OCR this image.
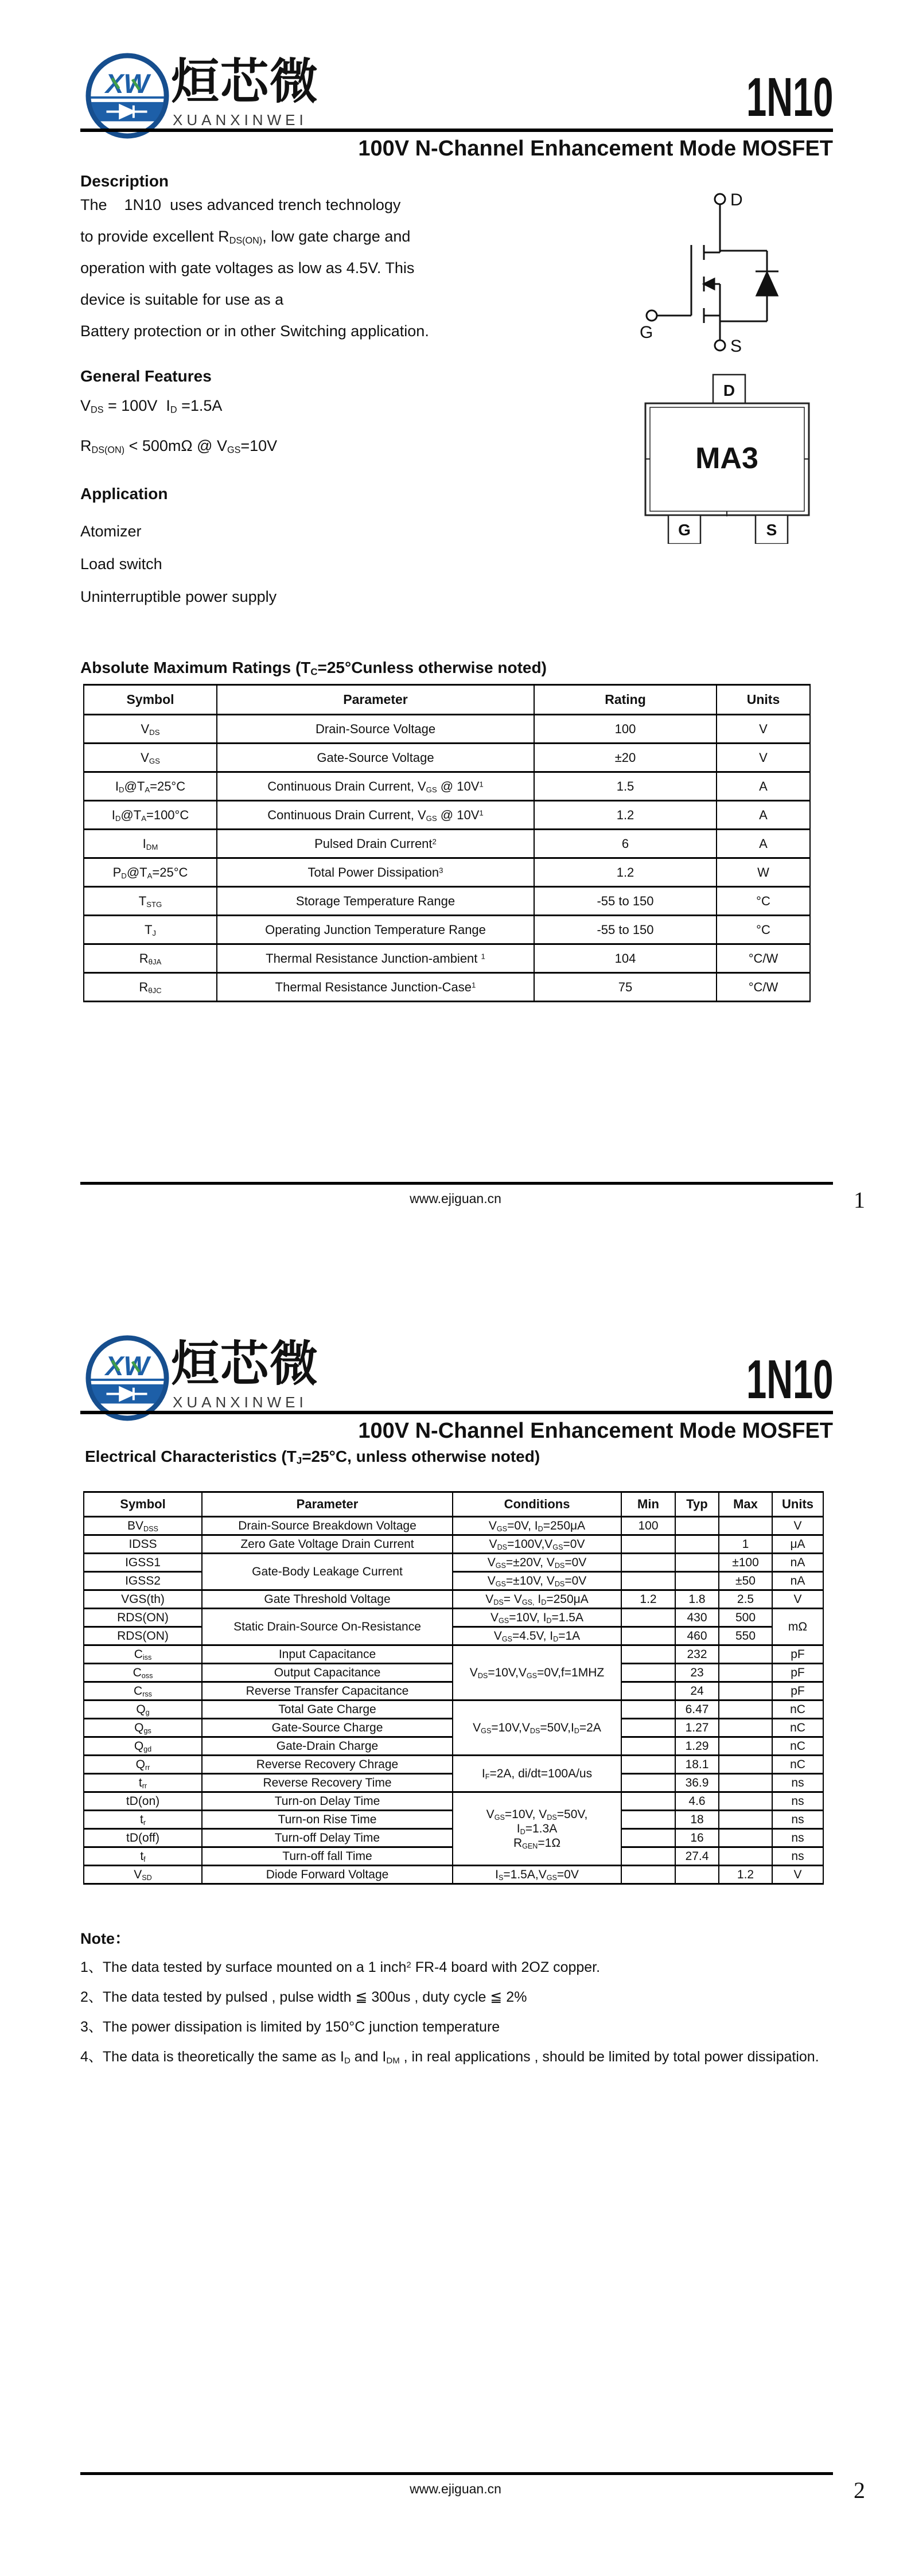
XW 烜芯微
XUANXINWEI	1N10
100V N-Channel Enhancement Mode MOSFET
Description
The    1N10  uses advanced trench technology
to provide excellent $R_{DS(ON)}$, low gate charge and
operation with gate voltages as low as 4.5V. This
device is suitable for use as a
Battery protection or in other Switching application.
D
G
S
General Features
$V_{DS} = 100V$  $I_D =1.5A$
$R_{DS(ON)} < 500m\Omega$ @ $V_{GS}=10V$
Application
Atomizer
Load switch
Uninterruptible power supply
MA3
D
G	S
Absolute Maximum Ratings ($T_C=25^\circ Cunless$ otherwise noted)
Symbol	Parameter	Rating	Units
$V_{DS}$	Drain-Source Voltage	100	V
$V_{GS}$	Gate-Source Voltage	±20	V
$I_D@T_A=25^\circ C$	Continuous Drain Current, $V_{GS}$ @ $10V^1$	1.5	A
$I_D@T_A=100^\circ C$	Continuous Drain Current, $V_{GS}$ @ $10V^1$	1.2	A
$I_{DM}$	Pulsed Drain Current$^2$	6	A
$P_D@T_A=25^\circ C$	Total Power Dissipation$^3$	1.2	W
$T_{STG}$	Storage Temperature Range	-55 to 150	°C
$T_J$	Operating Junction Temperature Range	-55 to 150	°C
$R_{\theta JA}$	Thermal Resistance Junction-ambient $^1$	104	°C/W
$R_{\theta JC}$	Thermal Resistance Junction-Case$^1$	75	°C/W
www.ejiguan.cn	1
XW 烜芯微
XUANXINWEI	1N10
100V N-Channel Enhancement Mode MOSFET
Electrical Characteristics ($T_J=25^\circ C$, unless otherwise noted)
Symbol	Parameter	Conditions	Min	Typ	Max	Units
$BV_{DSS}$	Drain-Source Breakdown Voltage	$V_{GS}=0V$, $I_D=250\mu A$	100			V
IDSS	Zero Gate Voltage Drain Current	$V_{DS}=100V,V_{GS}=0V$			1	μA
IGSS1	Gate-Body Leakage Current	$V_{GS}=\pm 20V$, $V_{DS}=0V$			±100	nA
IGSS2		$V_{GS}=\pm 10V$, $V_{DS}=0V$			±50	nA
VGS(th)	Gate Threshold Voltage	$V_{DS}= V_{GS,}$ $I_D=250\mu A$	1.2	1.8	2.5	V
RDS(ON)	Static Drain-Source On-Resistance	$V_{GS}=10V$, $I_D=1.5A$		430	500	mΩ
RDS(ON)		$V_{GS}=4.5V$, $I_D=1A$		460	550	
$C_{iss}$	Input Capacitance	$V_{DS}=10V,V_{GS}=0V,f=1MHZ$		232		pF
$C_{oss}$	Output Capacitance			23		pF
$C_{rss}$	Reverse Transfer Capacitance			24		pF
$Q_g$	Total Gate Charge	$V_{GS}=10V,V_{DS}=50V,I_D=2A$		6.47		nC
$Q_{gs}$	Gate-Source Charge			1.27		nC
$Q_{gd}$	Gate-Drain Charge			1.29		nC
$Q_{rr}$	Reverse Recovery Chrage	$I_F=2A$, di/dt=100A/us		18.1		nC
$t_{rr}$	Reverse Recovery Time			36.9		ns
tD(on)	Turn-on Delay Time	$V_{GS}=10V$, $V_{DS}=50V$,
$I_D=1.3A$
$R_{GEN}=1\Omega$		4.6		ns
$t_r$	Turn-on Rise Time			18		ns
tD(off)	Turn-off Delay Time			16		ns
$t_f$	Turn-off fall Time			27.4		ns
$V_{SD}$	Diode Forward Voltage	$I_S=1.5A,V_{GS}=0V$			1.2	V
Note：
1、The data tested by surface mounted on a 1 inch$^2$ FR-4 board with 2OZ copper.
2、The data tested by pulsed , pulse width ≦ 300us , duty cycle ≦ 2%
3、The power dissipation is limited by 150°C junction temperature
4、The data is theoretically the same as $I_D$ and $I_{DM}$ , in real applications , should be limited by total power dissipation.
www.ejiguan.cn	2
